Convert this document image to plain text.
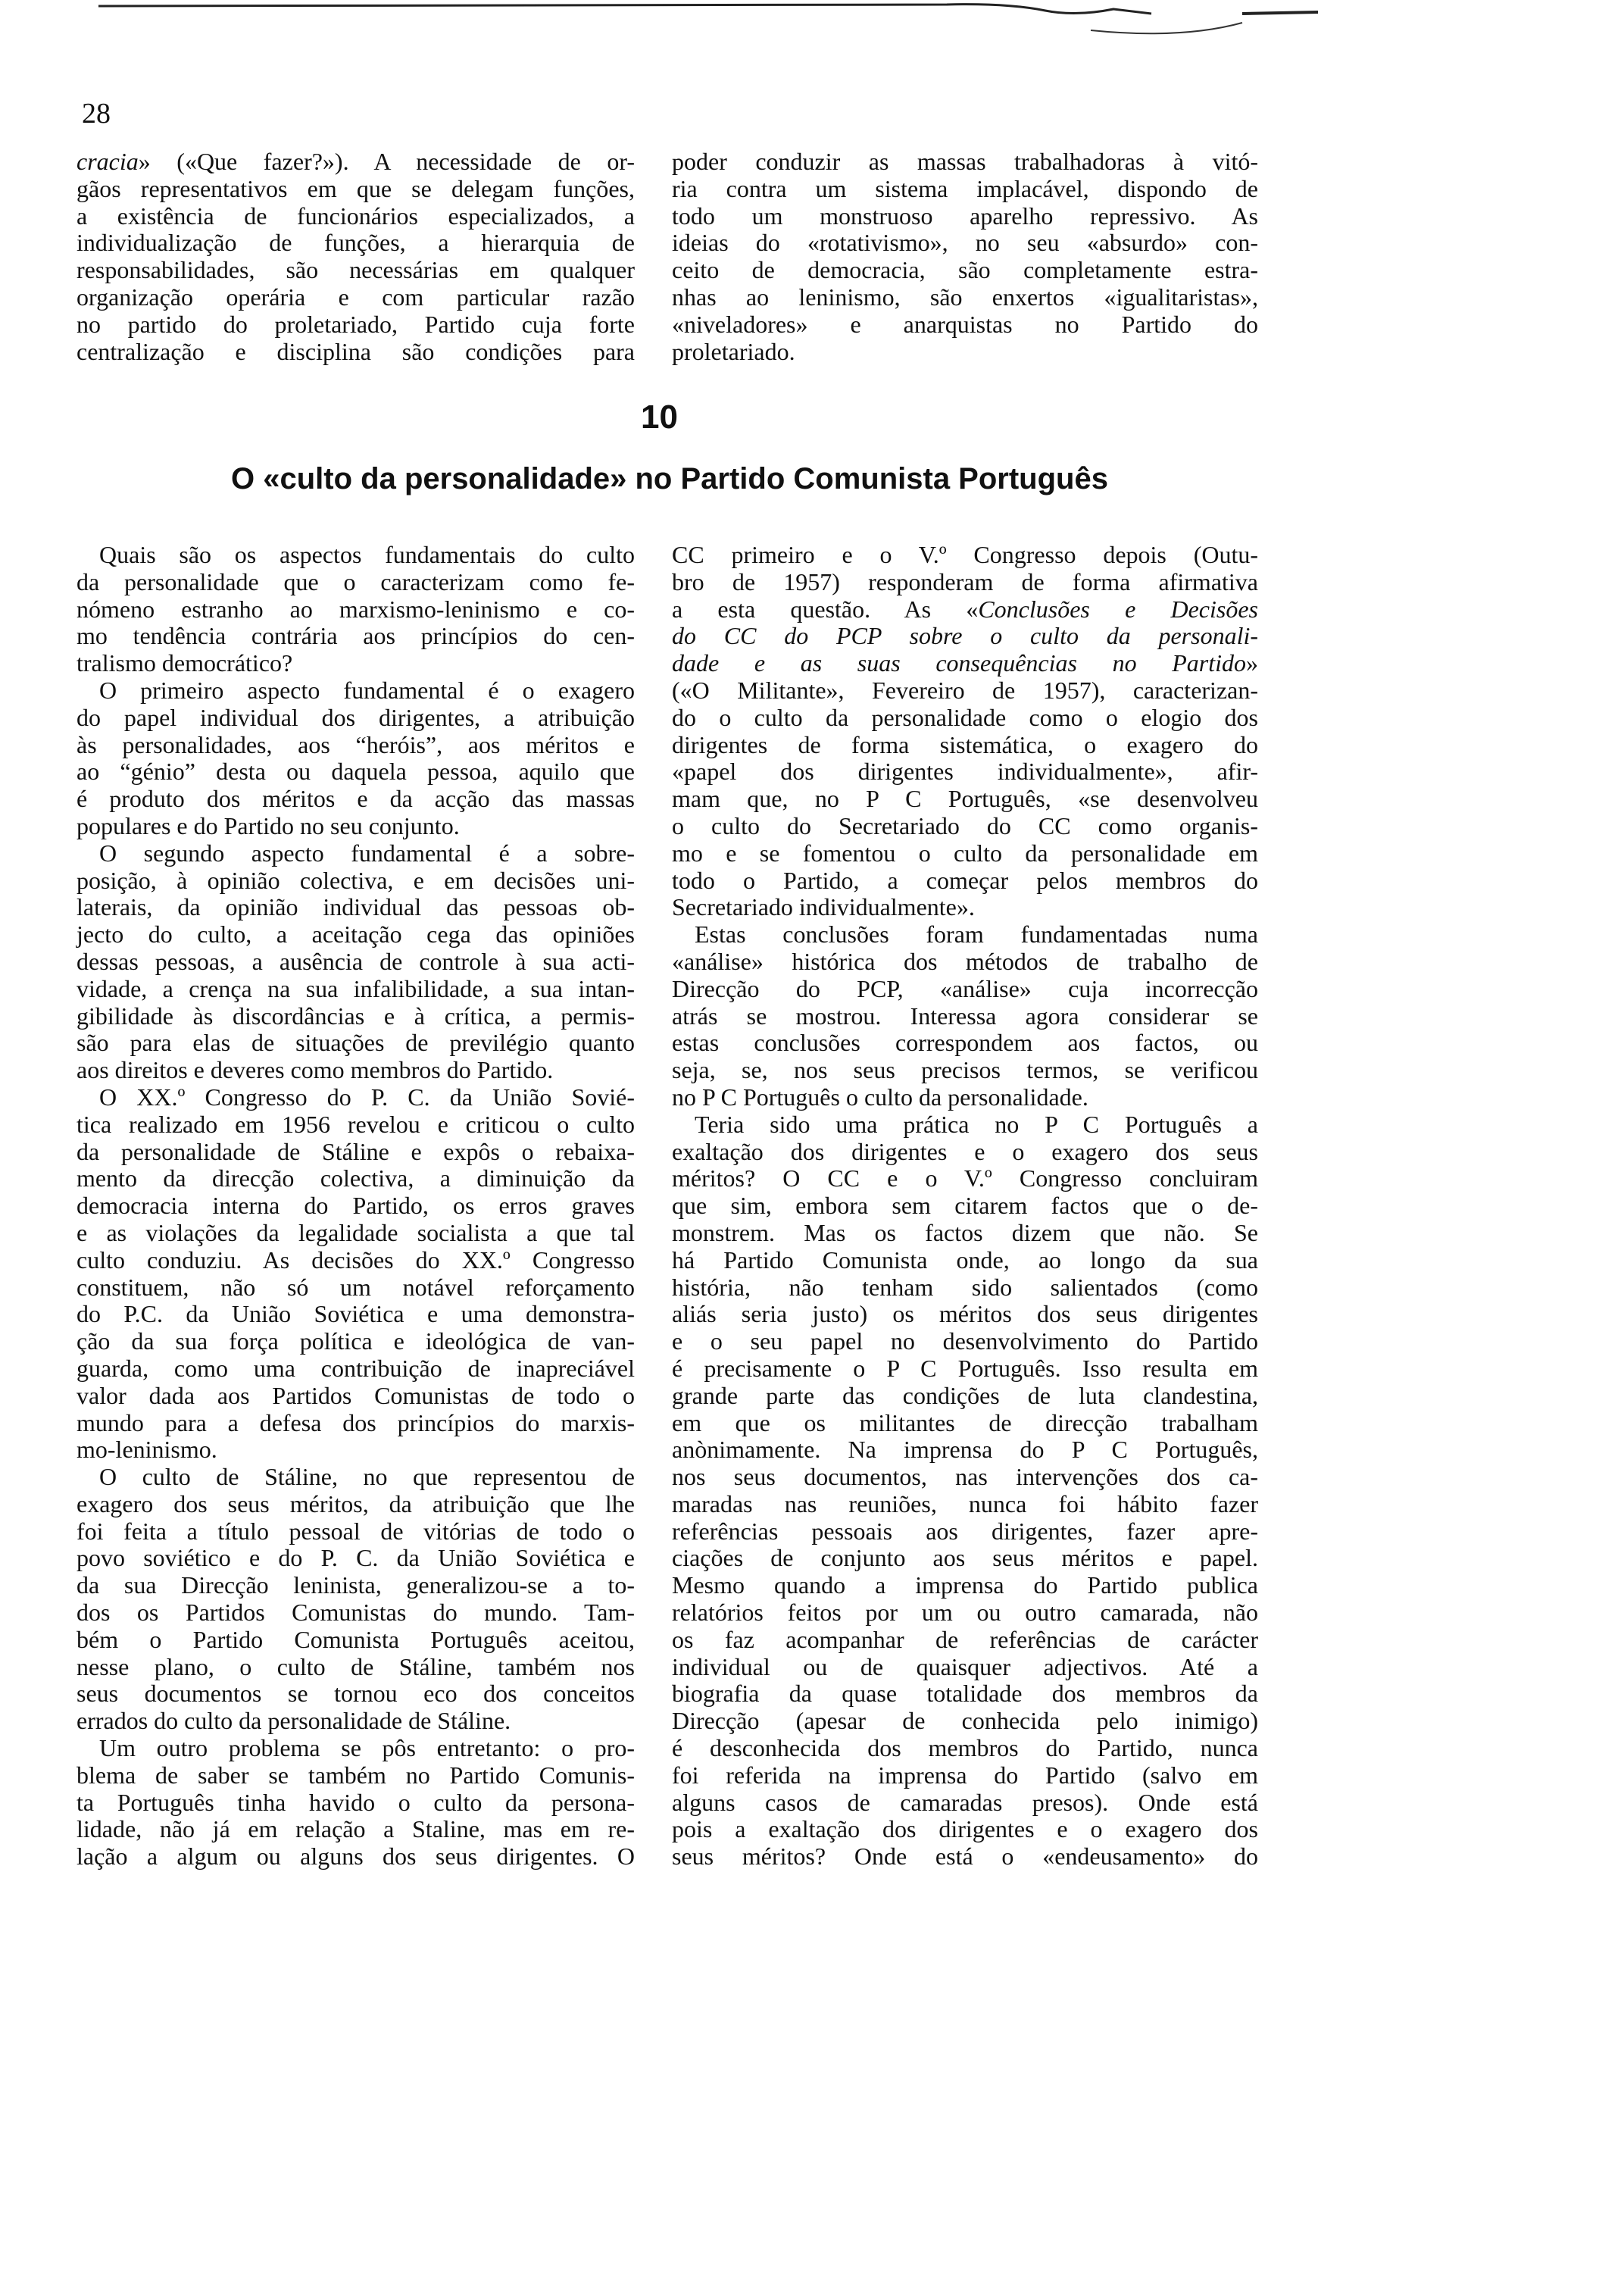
28
cracia» («Que fazer?»). A necessidade de or-
gãos representativos em que se delegam funções,
a existência de funcionários especializados, a
individualização de funções, a hierarquia de
responsabilidades, são necessárias em qualquer
organização operária e com particular razão
no partido do proletariado, Partido cuja forte
centralização e disciplina são condições para
poder conduzir as massas trabalhadoras à vitó-
ria contra um sistema implacável, dispondo de
todo um monstruoso aparelho repressivo. As
ideias do «rotativismo», no seu «absurdo» con-
ceito de democracia, são completamente estra-
nhas ao leninismo, são enxertos «igualitaristas»,
«niveladores» e anarquistas no Partido do
proletariado.
10
O «culto da personalidade» no Partido Comunista Português
Quais são os aspectos fundamentais do culto
da personalidade que o caracterizam como fe-
nómeno estranho ao marxismo-leninismo e co-
mo tendência contrária aos princípios do cen-
tralismo democrático?
O primeiro aspecto fundamental é o exagero
do papel individual dos dirigentes, a atribuição
às personalidades, aos “heróis”, aos méritos e
ao “génio” desta ou daquela pessoa, aquilo que
é produto dos méritos e da acção das massas
populares e do Partido no seu conjunto.
O segundo aspecto fundamental é a sobre-
posição, à opinião colectiva, e em decisões uni-
laterais, da opinião individual das pessoas ob-
jecto do culto, a aceitação cega das opiniões
dessas pessoas, a ausência de controle à sua acti-
vidade, a crença na sua infalibilidade, a sua intan-
gibilidade às discordâncias e à crítica, a permis-
são para elas de situações de previlégio quanto
aos direitos e deveres como membros do Partido.
O XX.º Congresso do P. C. da União Sovié-
tica realizado em 1956 revelou e criticou o culto
da personalidade de Stáline e expôs o rebaixa-
mento da direcção colectiva, a diminuição da
democracia interna do Partido, os erros graves
e as violações da legalidade socialista a que tal
culto conduziu. As decisões do XX.º Congresso
constituem, não só um notável reforçamento
do P.C. da União Soviética e uma demonstra-
ção da sua força política e ideológica de van-
guarda, como uma contribuição de inapreciável
valor dada aos Partidos Comunistas de todo o
mundo para a defesa dos princípios do marxis-
mo-leninismo.
O culto de Stáline, no que representou de
exagero dos seus méritos, da atribuição que lhe
foi feita a título pessoal de vitórias de todo o
povo soviético e do P. C. da União Soviética e
da sua Direcção leninista, generalizou-se a to-
dos os Partidos Comunistas do mundo. Tam-
bém o Partido Comunista Português aceitou,
nesse plano, o culto de Stáline, também nos
seus documentos se tornou eco dos conceitos
errados do culto da personalidade de Stáline.
Um outro problema se pôs entretanto: o pro-
blema de saber se também no Partido Comunis-
ta Português tinha havido o culto da persona-
lidade, não já em relação a Staline, mas em re-
lação a algum ou alguns dos seus dirigentes. O
CC primeiro e o V.º Congresso depois (Outu-
bro de 1957) responderam de forma afirmativa
a esta questão. As «Conclusões e Decisões
do CC do PCP sobre o culto da personali-
dade e as suas consequências no Partido»
(«O Militante», Fevereiro de 1957), caracterizan-
do o culto da personalidade como o elogio dos
dirigentes de forma sistemática, o exagero do
«papel dos dirigentes individualmente», afir-
mam que, no P C Português, «se desenvolveu
o culto do Secretariado do CC como organis-
mo e se fomentou o culto da personalidade em
todo o Partido, a começar pelos membros do
Secretariado individualmente».
Estas conclusões foram fundamentadas numa
«análise» histórica dos métodos de trabalho de
Direcção do PCP, «análise» cuja incorrecção
atrás se mostrou. Interessa agora considerar se
estas conclusões correspondem aos factos, ou
seja, se, nos seus precisos termos, se verificou
no P C Português o culto da personalidade.
Teria sido uma prática no P C Português a
exaltação dos dirigentes e o exagero dos seus
méritos? O CC e o V.º Congresso concluiram
que sim, embora sem citarem factos que o de-
monstrem. Mas os factos dizem que não. Se
há Partido Comunista onde, ao longo da sua
história, não tenham sido salientados (como
aliás seria justo) os méritos dos seus dirigentes
e o seu papel no desenvolvimento do Partido
é precisamente o P C Português. Isso resulta em
grande parte das condições de luta clandestina,
em que os militantes de direcção trabalham
anònimamente. Na imprensa do P C Português,
nos seus documentos, nas intervenções dos ca-
maradas nas reuniões, nunca foi hábito fazer
referências pessoais aos dirigentes, fazer apre-
ciações de conjunto aos seus méritos e papel.
Mesmo quando a imprensa do Partido publica
relatórios feitos por um ou outro camarada, não
os faz acompanhar de referências de carácter
individual ou de quaisquer adjectivos. Até a
biografia da quase totalidade dos membros da
Direcção (apesar de conhecida pelo inimigo)
é desconhecida dos membros do Partido, nunca
foi referida na imprensa do Partido (salvo em
alguns casos de camaradas presos). Onde está
pois a exaltação dos dirigentes e o exagero dos
seus méritos? Onde está o «endeusamento» do
